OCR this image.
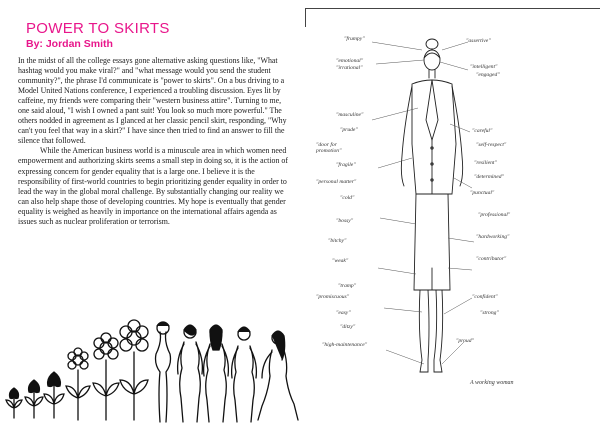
POWER TO SKIRTS
By: Jordan Smith

In the midst of all the college essays gone alternative asking questions like, "What hashtag would you make viral?" and "what message would you send the student community?", the phrase I'd communicate is "power to skirts". On a bus driving to a Model United Nations conference, I experienced a troubling discussion. Eyes lit by caffeine, my friends were comparing their "western business attire". Turning to me, one said aloud, "I wish I owned a pant suit! You look so much more powerful." The others nodded in agreement as I glanced at her classic pencil skirt, responding, "Why can't you feel that way in a skirt?" I have since then tried to find an answer to fill the silence that followed.

While the American business world is a minuscule area in which women need empowerment and authorizing skirts seems a small step in doing so, it is the action of expressing concern for gender equality that is a large one. I believe it is the responsibility of first-world countries to begin prioritizing gender equality in order to lead the way in the global moral challenge. By substantially changing our reality we can also help shape those of developing countries. My hope is eventually that gender equality is weighed as heavily in importance on the international affairs agenda as issues such as nuclear proliferation or terrorism.

"frumpy"
"emotional"
"irrational"
"masculine"
"prude"
"door for promotion"
"fragile"
"personal matter"
"cold"
"bossy"
"bitchy"
"weak"
"tramp"
"promiscuous"
"easy"
"ditzy"
"high-maintenance"
"assertive"
"intelligent"
"engaged"
"careful"
"self-respect"
"resilient"
"determined"
"punctual"
"professional"
"hardworking"
"contributor"
"confident"
"strong"
"proud"
A working woman
